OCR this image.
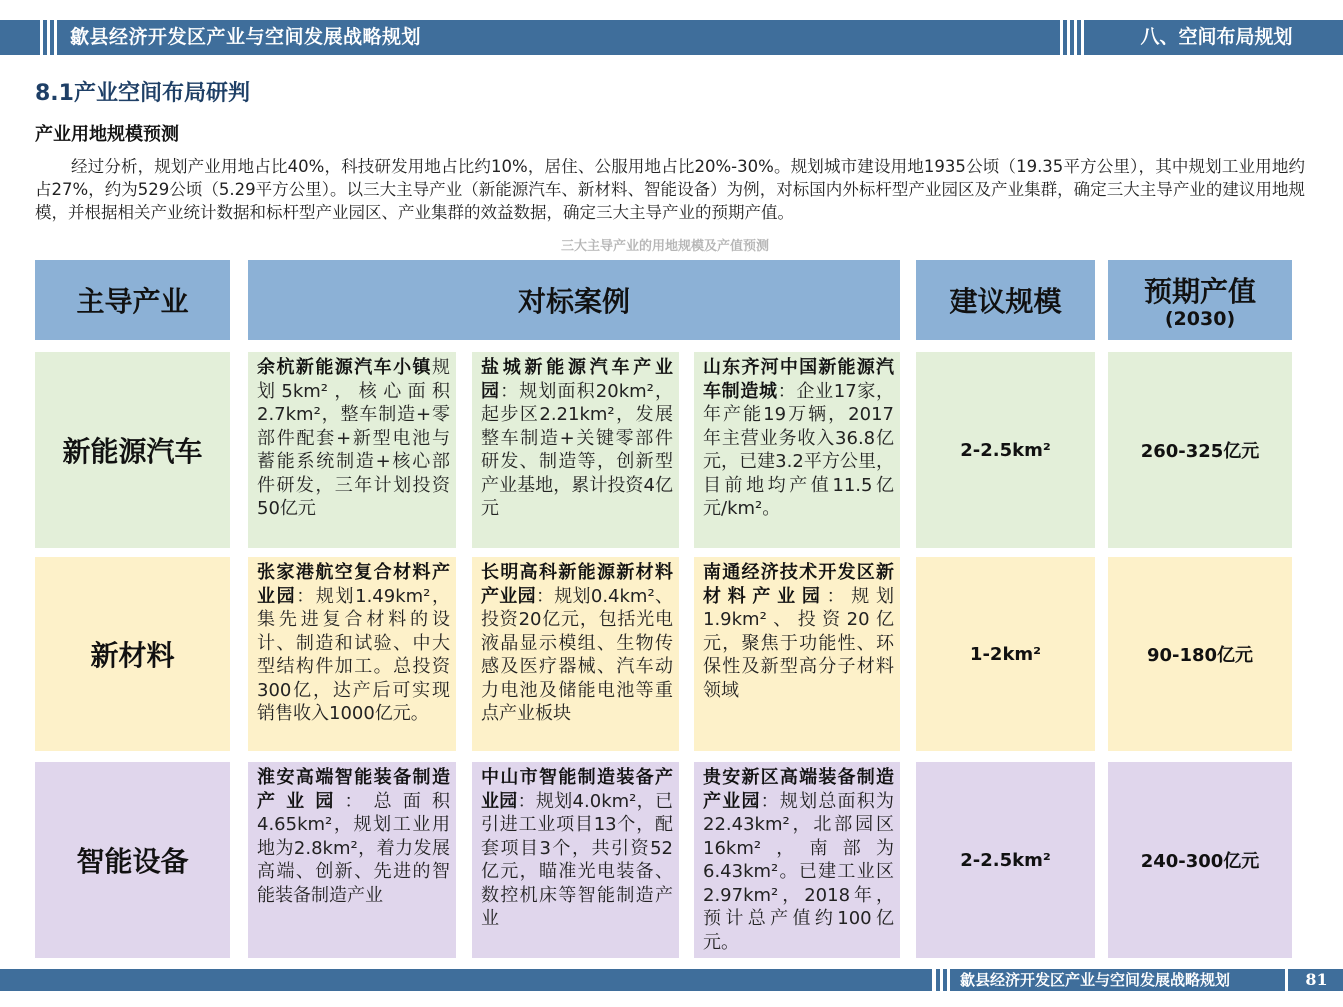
歙县经济开发区产业与空间发展战略规划	八、空间布局规划
8.1产业空间布局研判
产业用地规模预测
经过分析，规划产业用地占比40%，科技研发用地占比约10%，居住、公服用地占比20%-30%。规划城市建设用地1935公顷（19.35平方公里），其中规划工业用地约占27%，约为529公顷（5.29平方公里）。以三大主导产业（新能源汽车、新材料、智能设备）为例，对标国内外标杆型产业园区及产业集群，确定三大主导产业的建议用地规模，并根据相关产业统计数据和标杆型产业园区、产业集群的效益数据，确定三大主导产业的预期产值。
三大主导产业的用地规模及产值预测
主导产业	对标案例	建议规模	预期产值
(2030)
新能源汽车
余杭新能源汽车小镇规划5km²，核心面积2.7km²，整车制造+零部件配套+新型电池与蓄能系统制造+核心部件研发，三年计划投资50亿元
盐城新能源汽车产业园：规划面积20km²，起步区2.21km²，发展整车制造+关键零部件研发、制造等，创新型产业基地，累计投资4亿元
山东齐河中国新能源汽车制造城：企业17家，年产能19万辆，2017年主营业务收入36.8亿元，已建3.2平方公里，目前地均产值11.5亿元/km²。
2-2.5km²	260-325亿元
新材料
张家港航空复合材料产业园：规划1.49km²，集先进复合材料的设计、制造和试验、中大型结构件加工。总投资300亿，达产后可实现销售收入1000亿元。
长明高科新能源新材料产业园：规划0.4km²、投资20亿元，包括光电液晶显示模组、生物传感及医疗器械、汽车动力电池及储能电池等重点产业板块
南通经济技术开发区新材料产业园：规划1.9km²、投资20亿元，聚焦于功能性、环保性及新型高分子材料领域
1-2km²	90-180亿元
智能设备
淮安高端智能装备制造产业园：总面积4.65km²，规划工业用地为2.8km²，着力发展高端、创新、先进的智能装备制造产业
中山市智能制造装备产业园：规划4.0km²，已引进工业项目13个，配套项目3个，共引资52亿元，瞄准光电装备、数控机床等智能制造产业
贵安新区高端装备制造产业园：规划总面积为22.43km²，北部园区16km²，南部为6.43km²。已建工业区2.97km²，2018年，预计总产值约100亿元。
2-2.5km²	240-300亿元
歙县经济开发区产业与空间发展战略规划	81
